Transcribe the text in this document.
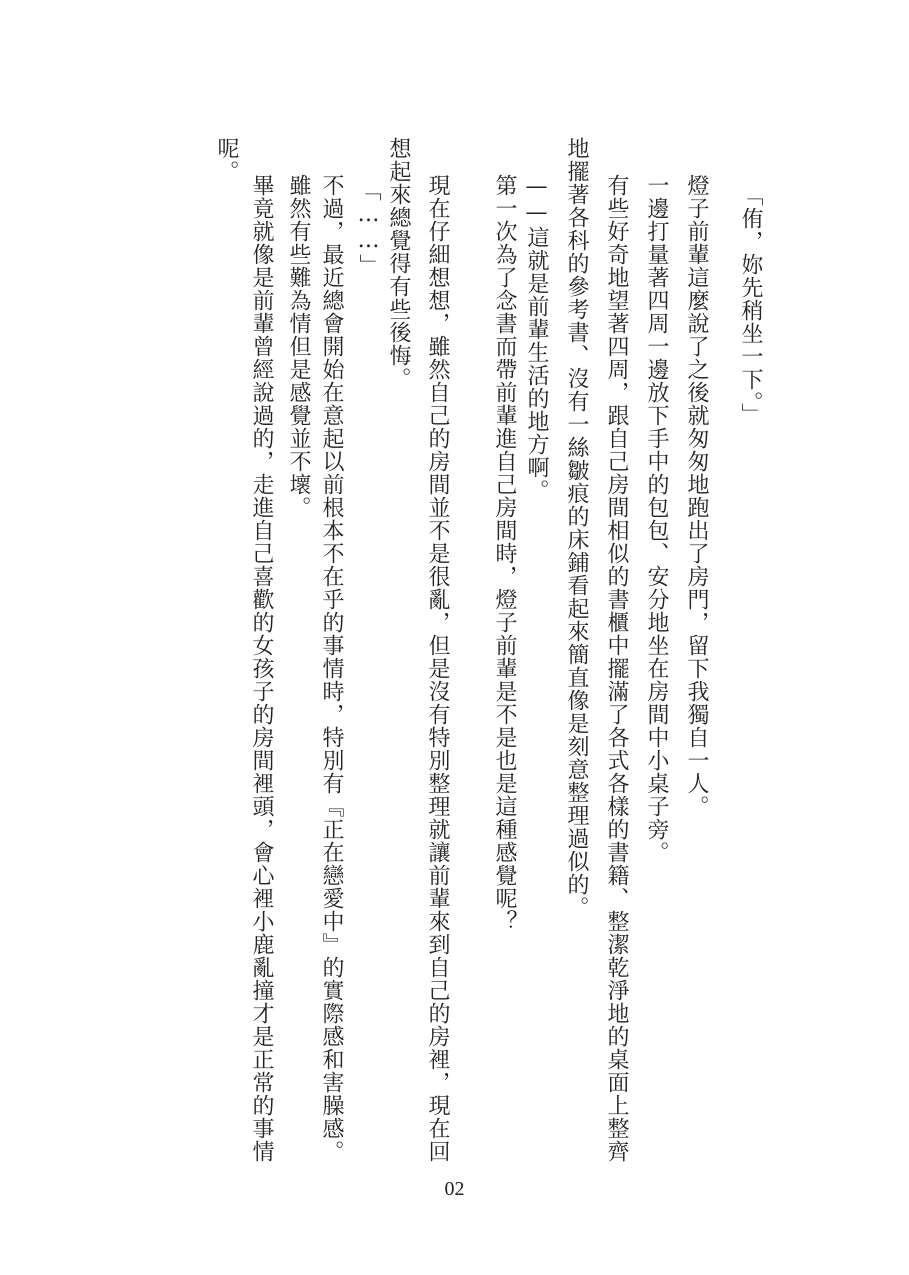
「侑，妳先稍坐一下。」
燈子前輩這麼說了之後就匆匆地跑出了房門，留下我獨自一人。
一邊打量著四周一邊放下手中的包包、安分地坐在房間中小桌子旁。
有些好奇地望著四周，跟自己房間相似的書櫃中擺滿了各式各樣的書籍、整潔乾淨地的桌面上整齊
地擺著各科的參考書、沒有一絲皺痕的床鋪看起來簡直像是刻意整理過似的。
——這就是前輩生活的地方啊。
第一次為了念書而帶前輩進自己房間時，燈子前輩是不是也是這種感覺呢？
現在仔細想想，雖然自己的房間並不是很亂，但是沒有特別整理就讓前輩來到自己的房裡，現在回
想起來總覺得有些後悔。
「……」
不過，最近總會開始在意起以前根本不在乎的事情時，特別有『正在戀愛中』的實際感和害臊感。
雖然有些難為情但是感覺並不壞。
畢竟就像是前輩曾經說過的，走進自己喜歡的女孩子的房間裡頭，會心裡小鹿亂撞才是正常的事情
呢。
02
